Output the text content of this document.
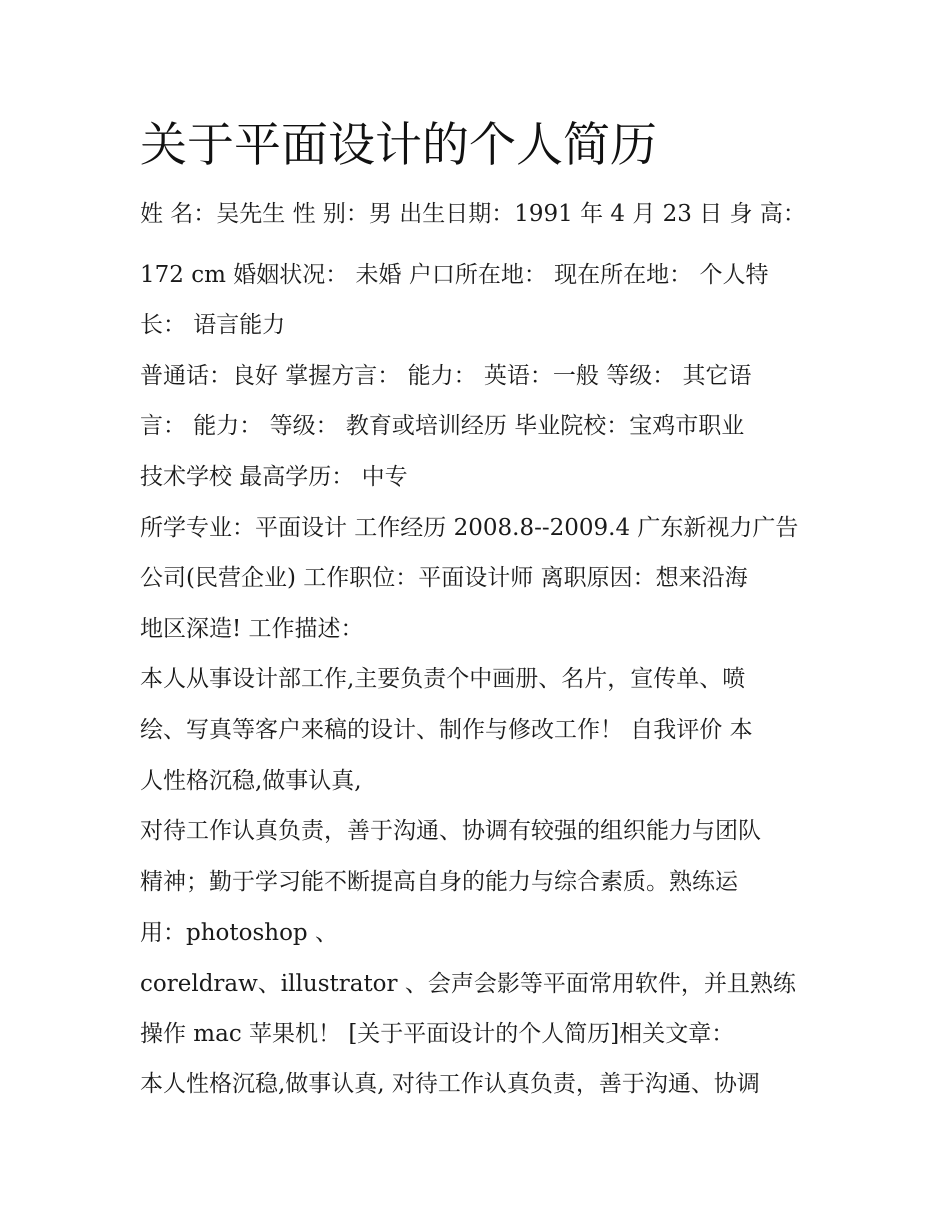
关于平面设计的个人简历

姓 名：吴先生 性 别：男 出生日期：1991 年 4 月 23 日 身 高：

172 cm 婚姻状况： 未婚 户口所在地： 现在所在地： 个人特

长： 语言能力

普通话：良好 掌握方言： 能力： 英语：一般 等级： 其它语

言： 能力： 等级： 教育或培训经历 毕业院校：宝鸡市职业

技术学校 最高学历： 中专

所学专业：平面设计 工作经历 2008.8--2009.4 广东新视力广告

公司(民营企业) 工作职位：平面设计师 离职原因：想来沿海

地区深造! 工作描述：

本人从事设计部工作,主要负责个中画册、名片，宣传单、喷

绘、写真等客户来稿的设计、制作与修改工作！ 自我评价 本

人性格沉稳,做事认真,

对待工作认真负责，善于沟通、协调有较强的组织能力与团队

精神；勤于学习能不断提高自身的能力与综合素质。熟练运

用：photoshop 、

coreldraw、illustrator 、会声会影等平面常用软件，并且熟练

操作 mac 苹果机！ [关于平面设计的个人简历]相关文章：

本人性格沉稳,做事认真, 对待工作认真负责，善于沟通、协调
